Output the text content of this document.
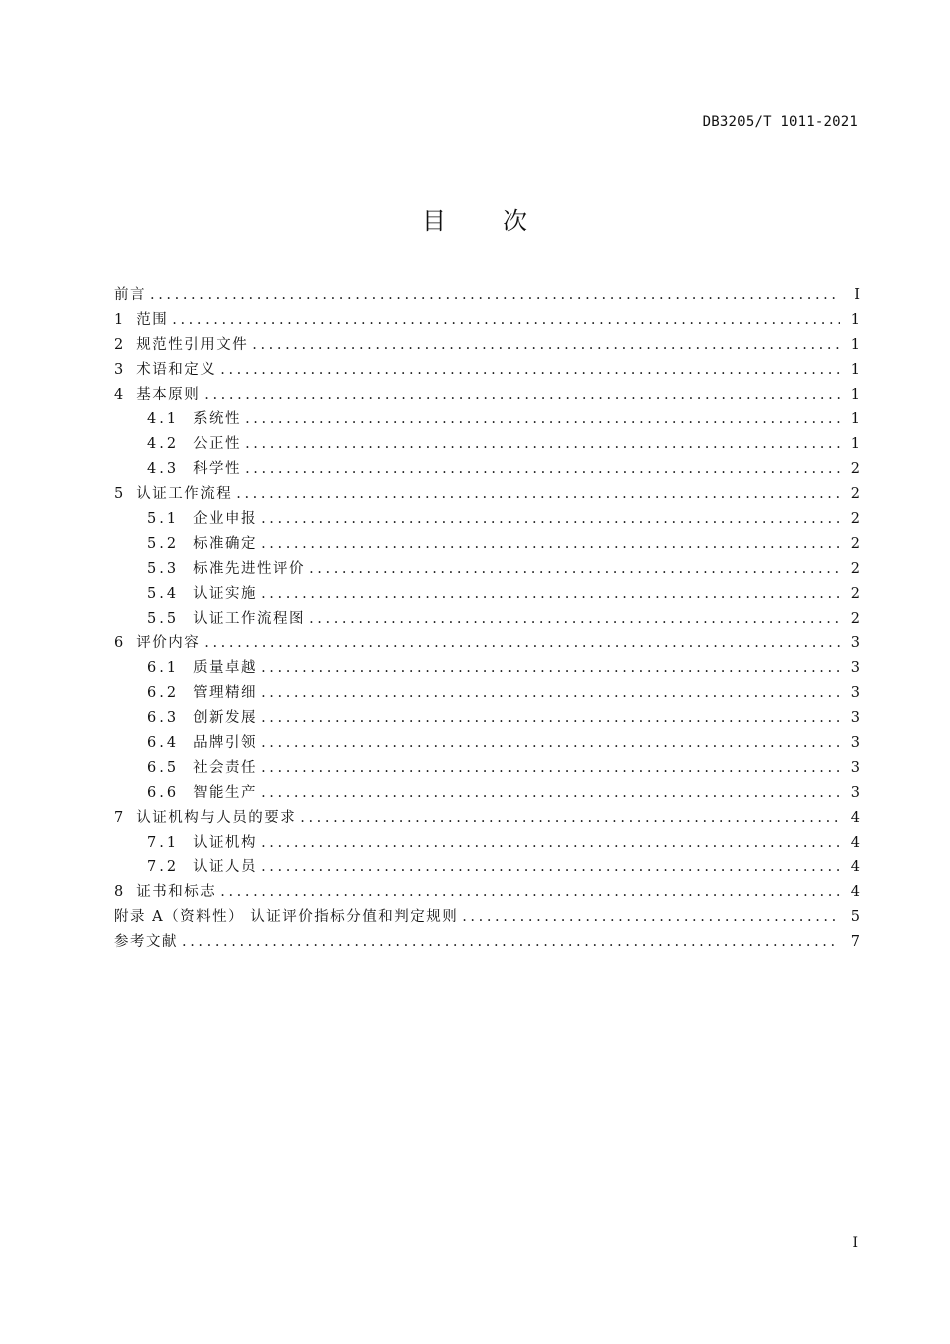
DB3205/T 1011-2021
目 次
前言 .....	I
1 范围 .....	1
2 规范性引用文件 .....	1
3 术语和定义 .....	1
4 基本原则 .....	1
4.1 系统性 .....	1
4.2 公正性 .....	1
4.3 科学性 .....	2
5 认证工作流程 .....	2
5.1 企业申报 .....	2
5.2 标准确定 .....	2
5.3 标准先进性评价 .....	2
5.4 认证实施 .....	2
5.5 认证工作流程图 .....	2
6 评价内容 .....	3
6.1 质量卓越 .....	3
6.2 管理精细 .....	3
6.3 创新发展 .....	3
6.4 品牌引领 .....	3
6.5 社会责任 .....	3
6.6 智能生产 .....	3
7 认证机构与人员的要求 .....	4
7.1 认证机构 .....	4
7.2 认证人员 .....	4
8 证书和标志 .....	4
附录 A（资料性） 认证评价指标分值和判定规则 .....	5
参考文献 .....	7
I
